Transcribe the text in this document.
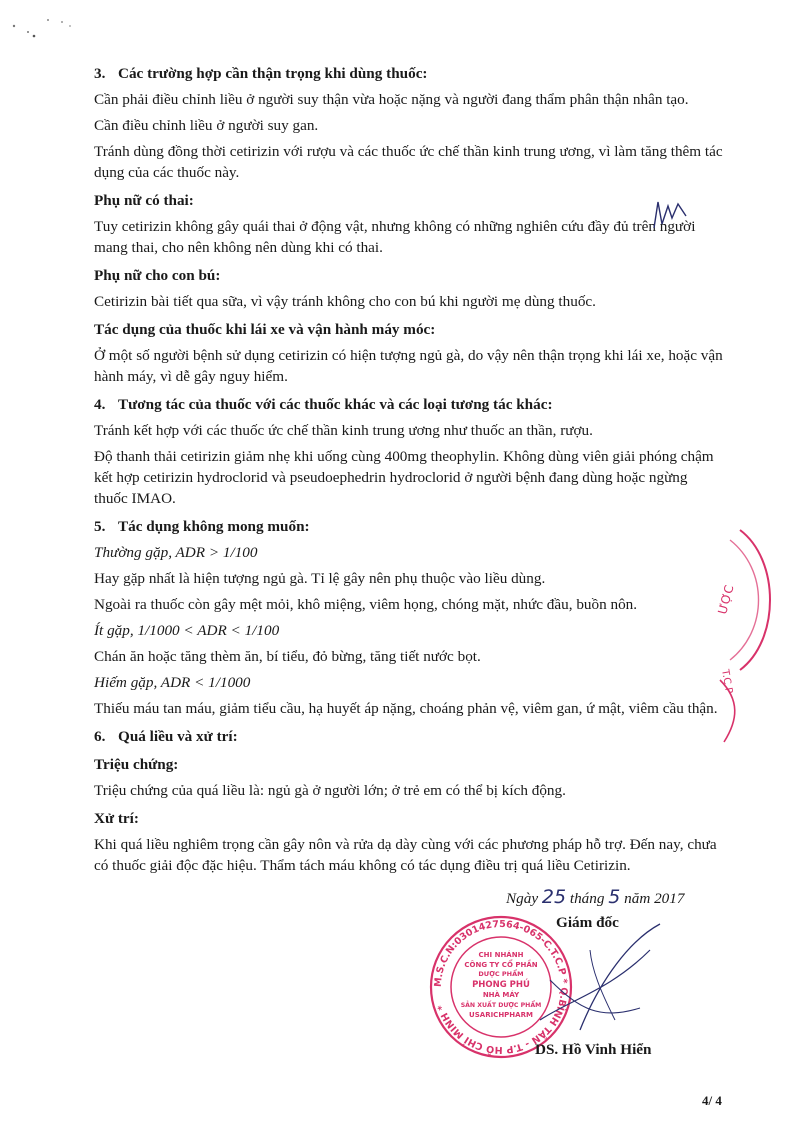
3. Các trường hợp cần thận trọng khi dùng thuốc:
Cần phải điều chỉnh liều ở người suy thận vừa hoặc nặng và người đang thẩm phân thận nhân tạo.
Cần điều chỉnh liều ở người suy gan.
Tránh dùng đồng thời cetirizin với rượu và các thuốc ức chế thần kinh trung ương, vì làm tăng thêm tác dụng của các thuốc này.
Phụ nữ có thai:
Tuy cetirizin không gây quái thai ở động vật, nhưng không có những nghiên cứu đầy đủ trên người mang thai, cho nên không nên dùng khi có thai.
Phụ nữ cho con bú:
Cetirizin bài tiết qua sữa, vì vậy tránh không cho con bú khi người mẹ dùng thuốc.
Tác dụng của thuốc khi lái xe và vận hành máy móc:
Ở một số người bệnh sử dụng cetirizin có hiện tượng ngủ gà, do vậy nên thận trọng khi lái xe, hoặc vận hành máy, vì dễ gây nguy hiểm.
4. Tương tác của thuốc với các thuốc khác và các loại tương tác khác:
Tránh kết hợp với các thuốc ức chế thần kinh trung ương như thuốc an thần, rượu.
Độ thanh thải cetirizin giảm nhẹ khi uống cùng 400mg theophylin. Không dùng viên giải phóng chậm kết hợp cetirizin hydroclorid và pseudoephedrin hydroclorid ở người bệnh đang dùng hoặc ngừng thuốc IMAO.
5. Tác dụng không mong muốn:
Thường gặp, ADR > 1/100
Hay gặp nhất là hiện tượng ngủ gà. Tỉ lệ gây nên phụ thuộc vào liều dùng.
Ngoài ra thuốc còn gây mệt mỏi, khô miệng, viêm họng, chóng mặt, nhức đầu, buồn nôn.
Ít gặp, 1/1000 < ADR < 1/100
Chán ăn hoặc tăng thèm ăn, bí tiểu, đỏ bừng, tăng tiết nước bọt.
Hiếm gặp, ADR < 1/1000
Thiếu máu tan máu, giảm tiểu cầu, hạ huyết áp nặng, choáng phản vệ, viêm gan, ứ mật, viêm cầu thận.
6. Quá liều và xử trí:
Triệu chứng:
Triệu chứng của quá liều là: ngủ gà ở người lớn; ở trẻ em có thể bị kích động.
Xử trí:
Khi quá liều nghiêm trọng cần gây nôn và rửa dạ dày cùng với các phương pháp hỗ trợ. Đến nay, chưa có thuốc giải độc đặc hiệu. Thẩm tách máu không có tác dụng điều trị quá liều Cetirizin.
ƯỢC
T.C.P
Ngày 25 tháng 5 năm 2017
Giám đốc
M.S.C.N:0301427564-065-C.T.C.P * Q.BÌNH TÂN - T.P HỒ CHÍ MINH *
CHI NHÁNH
CÔNG TY CỔ PHẦN
DƯỢC PHẨM
PHONG PHÚ
NHÀ MÁY
SẢN XUẤT DƯỢC PHẨM
USARICHPHARM
DS. Hồ Vinh Hiển
4/ 4
